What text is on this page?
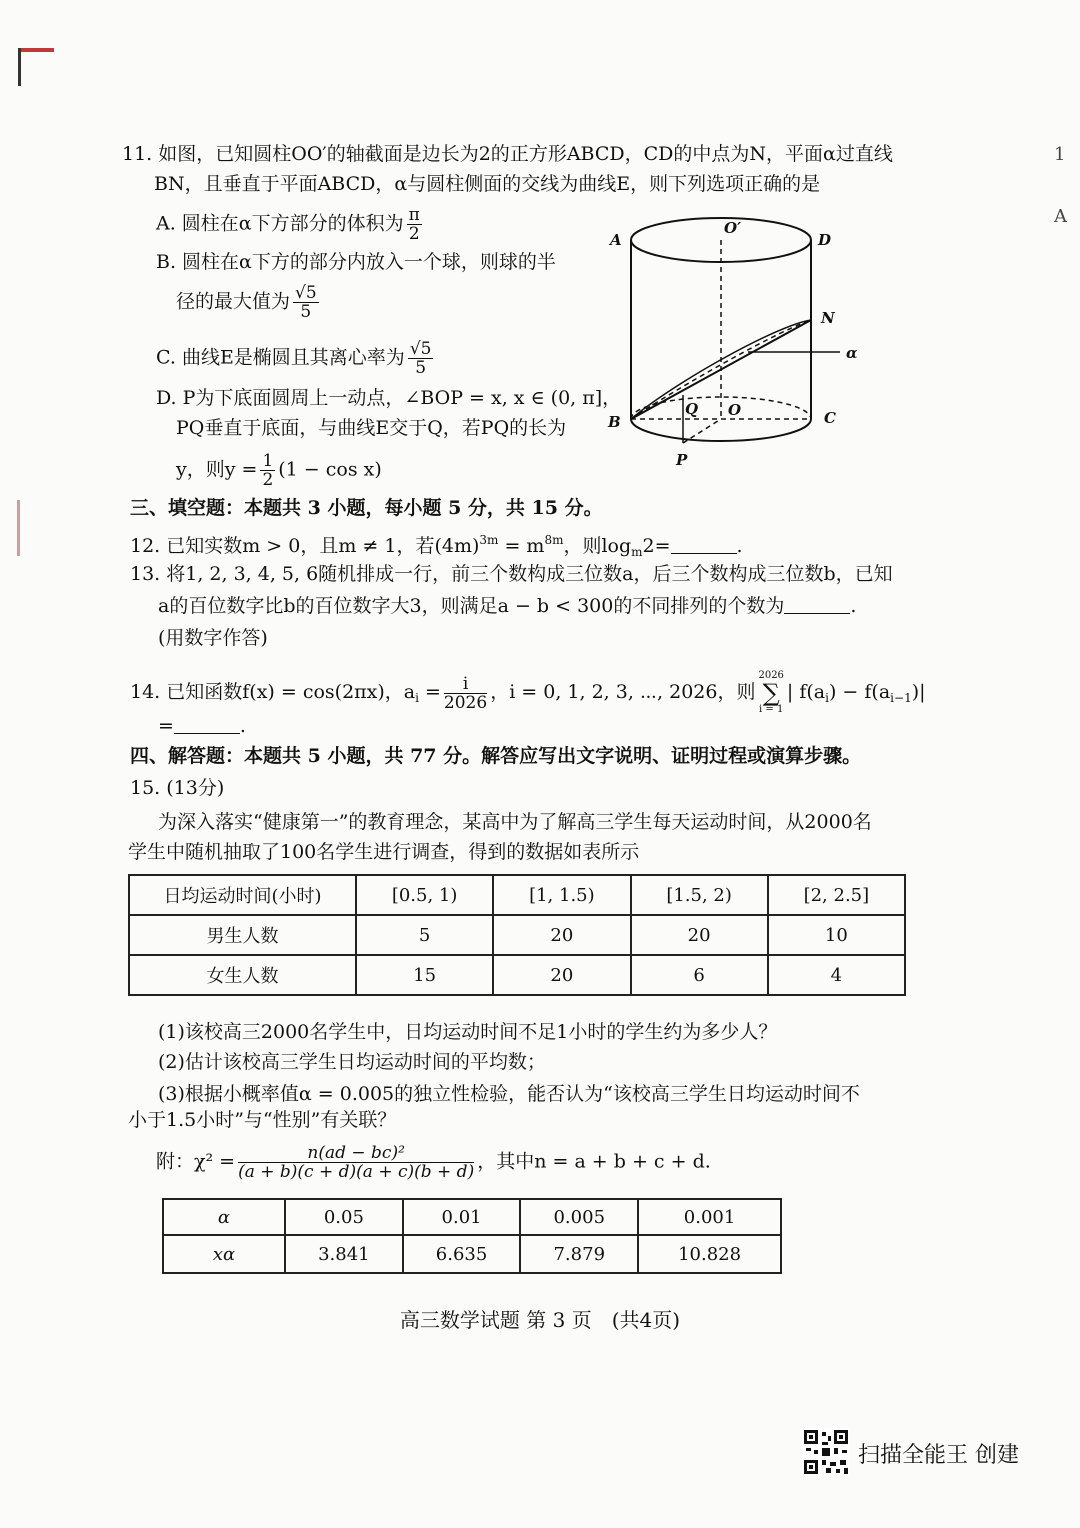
1
A
11. 如图，已知圆柱OO′的轴截面是边长为2的正方形ABCD，CD的中点为N，平面α过直线
BN，且垂直于平面ABCD，α与圆柱侧面的交线为曲线E，则下列选项正确的是
A. 圆柱在α下方部分的体积为 $\frac{\pi}{2}$
B. 圆柱在α下方的部分内放入一个球，则球的半
径的最大值为 $\frac{√5}{5}$
C. 曲线E是椭圆且其离心率为 $\frac{√5}{5}$
D. P为下底面圆周上一动点，∠BOP = x, x ∈ (0, π]，
PQ垂直于底面，与曲线E交于Q，若PQ的长为
y，则$y = \frac{1}{2} (1 - \cos x)$
A
O′
D
N
α
B
Q O	C
P
三、填空题：本题共 3 小题，每小题 5 分，共 15 分。
12. 已知实数m > 0，且m ≠ 1，若$(4m)^{3m} = m^{8m}$，则$\log_m2=$	.
13. 将1, 2, 3, 4, 5, 6随机排成一行，前三个数构成三位数a，后三个数构成三位数b，已知
a的百位数字比b的百位数字大3，则满足a − b < 300的不同排列的个数为	.
(用数字作答)
14. 已知函数f(x) = cos(2πx)，$a_i = \frac{i}{2026}$ ，i = 0, 1, 2, 3, ⋯, 2026，则
2026
∑
i = 1
| $f(a_i) - f(a_{i-1})|$
=	.
四、解答题：本题共 5 小题，共 77 分。解答应写出文字说明、证明过程或演算步骤。
15. (13分)
为深入落实“健康第一”的教育理念，某高中为了解高三学生每天运动时间，从2000名
学生中随机抽取了100名学生进行调查，得到的数据如表所示
日均运动时间(小时)	[0.5, 1)	[1, 1.5)	[1.5, 2)	[2, 2.5]
男生人数	5	20	20	10
女生人数	15	20	6	4
(1)该校高三2000名学生中，日均运动时间不足1小时的学生约为多少人？
(2)估计该校高三学生日均运动时间的平均数；
(3)根据小概率值α = 0.005的独立性检验，能否认为“该校高三学生日均运动时间不
小于1.5小时”与“性别”有关联？
附：$\chi^2 = \frac{\text{n(ad − bc)²}}{(a + b)(c + d)(a + c)(b + d)}$ ，其中n = a + b + c + d.
α	0.05	0.01	0.005	0.001
xα	3.841	6.635	7.879	10.828
高三数学试题 第 3 页　(共4页)
扫描全能王 创建
